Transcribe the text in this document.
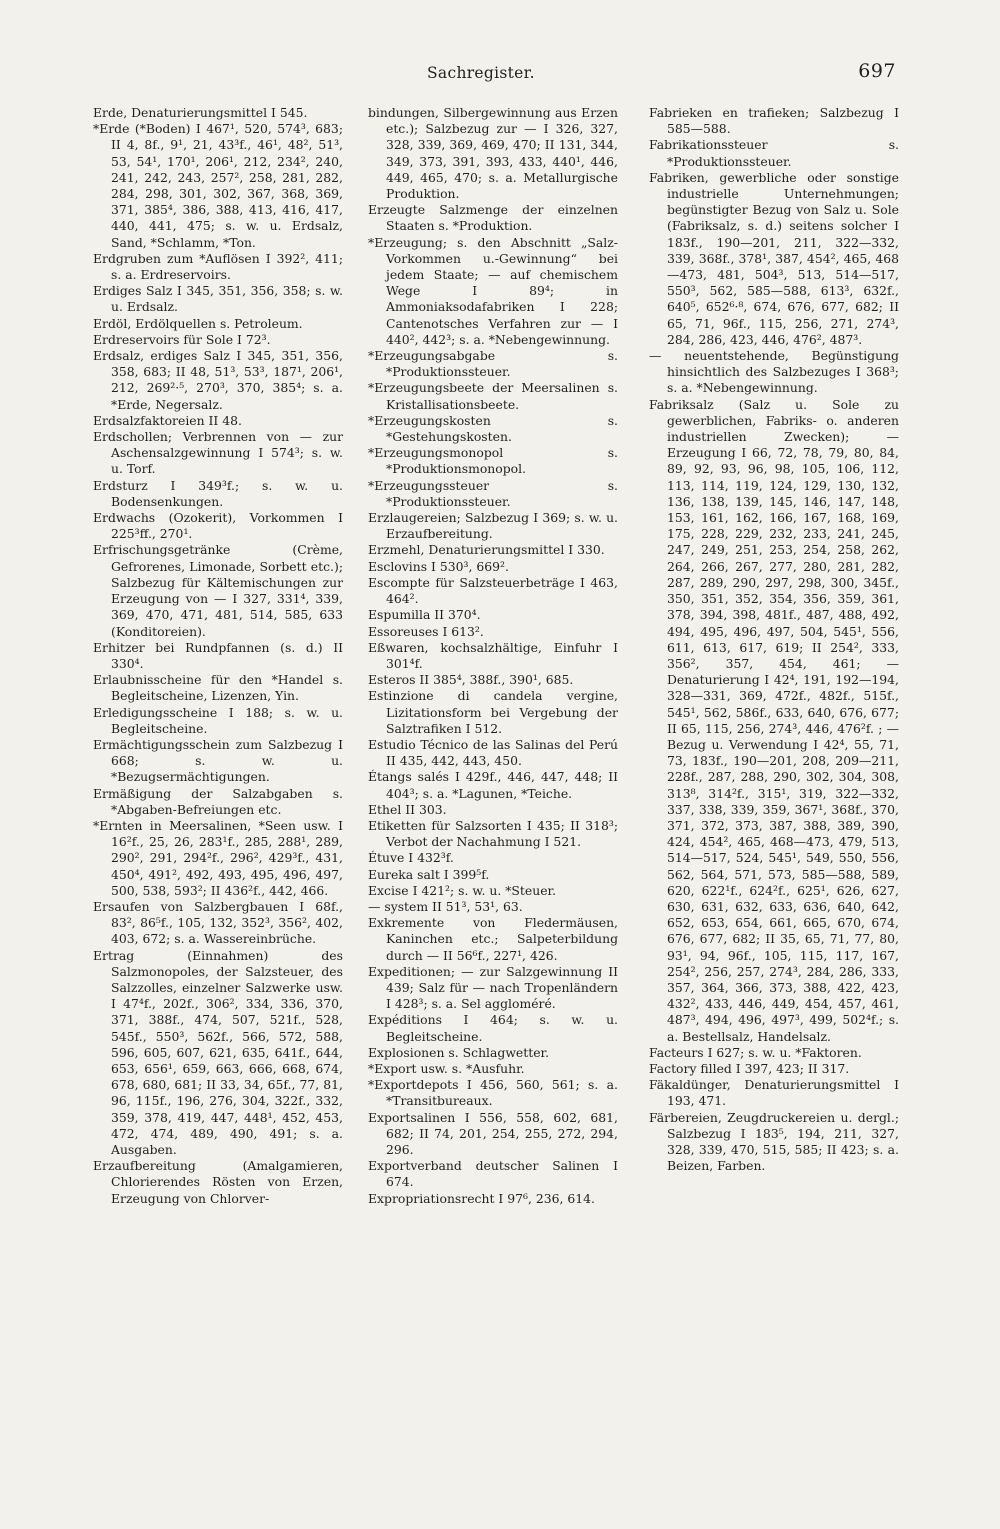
Sachregister.	697

Erde, Denaturierungsmittel I 545.

*Erde (*Boden) I 467¹, 520, 574³, 683; II 4, 8f., 9¹, 21, 43³f., 46¹, 48², 51³, 53, 54¹, 170¹, 206¹, 212, 234², 240, 241, 242, 243, 257², 258, 281, 282, 284, 298, 301, 302, 367, 368, 369, 371, 385⁴, 386, 388, 413, 416, 417, 440, 441, 475; s. w. u. Erdsalz, Sand, *Schlamm, *Ton.

Erdgruben zum *Auflösen I 392², 411; s. a. Erdreservoirs.

Erdiges Salz I 345, 351, 356, 358; s. w. u. Erdsalz.

Erdöl, Erdölquellen s. Petroleum.

Erdreservoirs für Sole I 72³.

Erdsalz, erdiges Salz I 345, 351, 356, 358, 683; II 48, 51³, 53³, 187¹, 206¹, 212, 269²·⁵, 270³, 370, 385⁴; s. a. *Erde, Negersalz.

Erdsalzfaktoreien II 48.

Erdschollen; Verbrennen von — zur Aschensalzgewinnung I 574³; s. w. u. Torf.

Erdsturz I 349³f.; s. w. u. Bodensenkungen.

Erdwachs (Ozokerit), Vorkommen I 225³ff., 270¹.

Erfrischungsgetränke (Crème, Gefrorenes, Limonade, Sorbett etc.); Salzbezug für Kältemischungen zur Erzeugung von — I 327, 331⁴, 339, 369, 470, 471, 481, 514, 585, 633 (Konditoreien).

Erhitzer bei Rundpfannen (s. d.) II 330⁴.

Erlaubnisscheine für den *Handel s. Begleitscheine, Lizenzen, Yin.

Erledigungsscheine I 188; s. w. u. Begleitscheine.

Ermächtigungsschein zum Salzbezug I 668; s. w. u. *Bezugsermächtigungen.

Ermäßigung der Salzabgaben s. *Abgaben-Befreiungen etc.

*Ernten in Meersalinen, *Seen usw. I 16²f., 25, 26, 283¹f., 285, 288¹, 289, 290², 291, 294²f., 296², 429³f., 431, 450⁴, 491², 492, 493, 495, 496, 497, 500, 538, 593²; II 436²f., 442, 466.

Ersaufen von Salzbergbauen I 68f., 83², 86⁵f., 105, 132, 352³, 356², 402, 403, 672; s. a. Wassereinbrüche.

Ertrag (Einnahmen) des Salzmonopoles, der Salzsteuer, des Salzzolles, einzelner Salzwerke usw. I 47⁴f., 202f., 306², 334, 336, 370, 371, 388f., 474, 507, 521f., 528, 545f., 550³, 562f., 566, 572, 588, 596, 605, 607, 621, 635, 641f., 644, 653, 656¹, 659, 663, 666, 668, 674, 678, 680, 681; II 33, 34, 65f., 77, 81, 96, 115f., 196, 276, 304, 322f., 332, 359, 378, 419, 447, 448¹, 452, 453, 472, 474, 489, 490, 491; s. a. Ausgaben.

Erzaufbereitung (Amalgamieren, Chlorierendes Rösten von Erzen, Erzeugung von Chlorver-

bindungen, Silbergewinnung aus Erzen etc.); Salzbezug zur — I 326, 327, 328, 339, 369, 469, 470; II 131, 344, 349, 373, 391, 393, 433, 440¹, 446, 449, 465, 470; s. a. Metallurgische Produktion.

Erzeugte Salzmenge der einzelnen Staaten s. *Produktion.

*Erzeugung; s. den Abschnitt „Salz-Vorkommen u.-Gewinnung“ bei jedem Staate; — auf chemischem Wege I 89⁴; in Ammoniaksodafabriken I 228; Cantenotsches Verfahren zur — I 440², 442³; s. a. *Nebengewinnung.

*Erzeugungsabgabe s. *Produktionssteuer.

*Erzeugungsbeete der Meersalinen s. Kristallisationsbeete.

*Erzeugungskosten s. *Gestehungskosten.

*Erzeugungsmonopol s. *Produktionsmonopol.

*Erzeugungssteuer s. *Produktionssteuer.

Erzlaugereien; Salzbezug I 369; s. w. u. Erzaufbereitung.

Erzmehl, Denaturierungsmittel I 330.

Esclovins I 530³, 669².

Escompte für Salzsteuerbeträge I 463, 464².

Espumilla II 370⁴.

Essoreuses I 613².

Eßwaren, kochsalzhältige, Einfuhr I 301⁴f.

Esteros II 385⁴, 388f., 390¹, 685.

Estinzione di candela vergine, Lizitationsform bei Vergebung der Salztrafiken I 512.

Estudio Técnico de las Salinas del Perú II 435, 442, 443, 450.

Étangs salés I 429f., 446, 447, 448; II 404³; s. a. *Lagunen, *Teiche.

Ethel II 303.

Etiketten für Salzsorten I 435; II 318³; Verbot der Nachahmung I 521.

Étuve I 432³f.

Eureka salt I 399⁵f.

Excise I 421²; s. w. u. *Steuer.

— system II 51³, 53¹, 63.

Exkremente von Fledermäusen, Kaninchen etc.; Salpeterbildung durch — II 56⁶f., 227¹, 426.

Expeditionen; — zur Salzgewinnung II 439; Salz für — nach Tropenländern I 428³; s. a. Sel aggloméré.

Expéditions I 464; s. w. u. Begleitscheine.

Explosionen s. Schlagwetter.

*Export usw. s. *Ausfuhr.

*Exportdepots I 456, 560, 561; s. a. *Transitbureaux.

Exportsalinen I 556, 558, 602, 681, 682; II 74, 201, 254, 255, 272, 294, 296.

Exportverband deutscher Salinen I 674.

Expropriationsrecht I 97⁶, 236, 614.

Fabrieken en trafieken; Salzbezug I 585—588.

Fabrikationssteuer s. *Produktionssteuer.

Fabriken, gewerbliche oder sonstige industrielle Unternehmungen; begünstigter Bezug von Salz u. Sole (Fabriksalz, s. d.) seitens solcher I 183f., 190—201, 211, 322—332, 339, 368f., 378¹, 387, 454², 465, 468—473, 481, 504³, 513, 514—517, 550³, 562, 585—588, 613³, 632f., 640⁵, 652⁶·⁸, 674, 676, 677, 682; II 65, 71, 96f., 115, 256, 271, 274³, 284, 286, 423, 446, 476², 487³.

— neuentstehende, Begünstigung hinsichtlich des Salzbezuges I 368³; s. a. *Nebengewinnung.

Fabriksalz (Salz u. Sole zu gewerblichen, Fabriks- o. anderen industriellen Zwecken); — Erzeugung I 66, 72, 78, 79, 80, 84, 89, 92, 93, 96, 98, 105, 106, 112, 113, 114, 119, 124, 129, 130, 132, 136, 138, 139, 145, 146, 147, 148, 153, 161, 162, 166, 167, 168, 169, 175, 228, 229, 232, 233, 241, 245, 247, 249, 251, 253, 254, 258, 262, 264, 266, 267, 277, 280, 281, 282, 287, 289, 290, 297, 298, 300, 345f., 350, 351, 352, 354, 356, 359, 361, 378, 394, 398, 481f., 487, 488, 492, 494, 495, 496, 497, 504, 545¹, 556, 611, 613, 617, 619; II 254², 333, 356², 357, 454, 461; — Denaturierung I 42⁴, 191, 192—194, 328—331, 369, 472f., 482f., 515f., 545¹, 562, 586f., 633, 640, 676, 677; II 65, 115, 256, 274³, 446, 476²f. ; — Bezug u. Verwendung I 42⁴, 55, 71, 73, 183f., 190—201, 208, 209—211, 228f., 287, 288, 290, 302, 304, 308, 313⁸, 314²f., 315¹, 319, 322—332, 337, 338, 339, 359, 367¹, 368f., 370, 371, 372, 373, 387, 388, 389, 390, 424, 454², 465, 468—473, 479, 513, 514—517, 524, 545¹, 549, 550, 556, 562, 564, 571, 573, 585—588, 589, 620, 622¹f., 624²f., 625¹, 626, 627, 630, 631, 632, 633, 636, 640, 642, 652, 653, 654, 661, 665, 670, 674, 676, 677, 682; II 35, 65, 71, 77, 80, 93¹, 94, 96f., 105, 115, 117, 167, 254², 256, 257, 274³, 284, 286, 333, 357, 364, 366, 373, 388, 422, 423, 432², 433, 446, 449, 454, 457, 461, 487³, 494, 496, 497³, 499, 502⁴f.; s. a. Bestellsalz, Handelsalz.

Facteurs I 627; s. w. u. *Faktoren.

Factory filled I 397, 423; II 317.

Fäkaldünger, Denaturierungsmittel I 193, 471.

Färbereien, Zeugdruckereien u. dergl.; Salzbezug I 183⁵, 194, 211, 327, 328, 339, 470, 515, 585; II 423; s. a. Beizen, Farben.
